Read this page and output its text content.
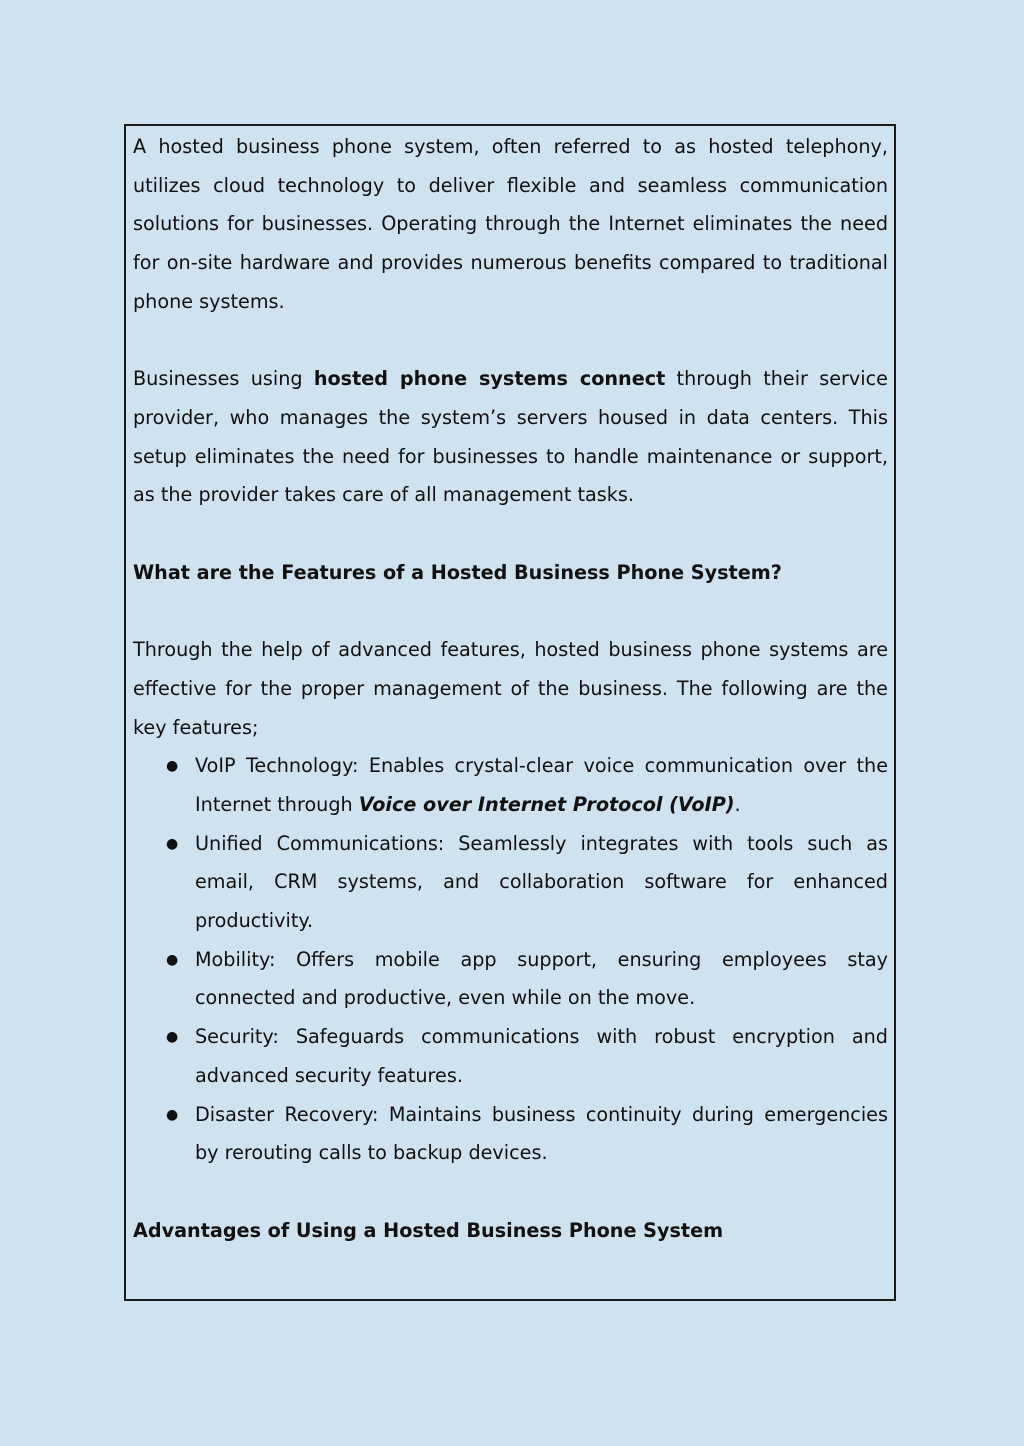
A hosted business phone system, often referred to as hosted telephony, utilizes cloud technology to deliver flexible and seamless communication solutions for businesses. Operating through the Internet eliminates the need for on-site hardware and provides numerous benefits compared to traditional phone systems.

Businesses using hosted phone systems connect through their service provider, who manages the system’s servers housed in data centers. This setup eliminates the need for businesses to handle maintenance or support, as the provider takes care of all management tasks.

What are the Features of a Hosted Business Phone System?

Through the help of advanced features, hosted business phone systems are effective for the proper management of the business. The following are the key features;

● VoIP Technology: Enables crystal-clear voice communication over the Internet through Voice over Internet Protocol (VoIP).
● Unified Communications: Seamlessly integrates with tools such as email, CRM systems, and collaboration software for enhanced productivity.
● Mobility: Offers mobile app support, ensuring employees stay connected and productive, even while on the move.
● Security: Safeguards communications with robust encryption and advanced security features.
● Disaster Recovery: Maintains business continuity during emergencies by rerouting calls to backup devices.

Advantages of Using a Hosted Business Phone System
